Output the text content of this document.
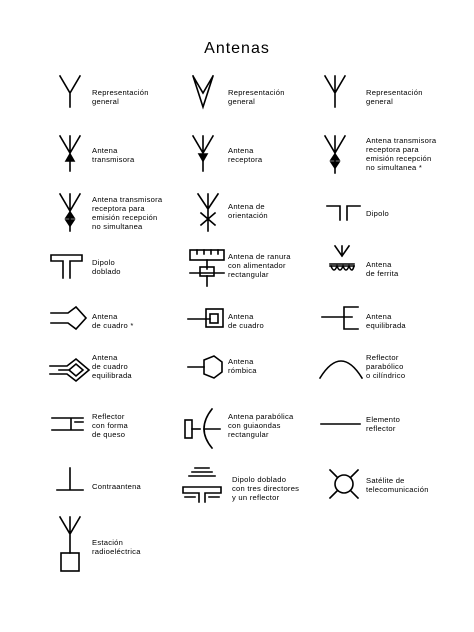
Antenas
Representación
general
Representación
general
Representación
general
Antena
transmisora
Antena
receptora
Antena transmisora
receptora para
emisión recepción
no simultanea *
Antena transmisora
receptora para
emisión recepción
no simultanea
Antena de
orientación	Dipolo
Dipolo
doblado
Antena de ranura
con alimentador
rectangular
Antena
de ferrita
Antena
de cuadro *
Antena
de cuadro
Antena
equilibrada
Antena
de cuadro
equilibrada
Antena
rómbica
Reflector
parabólico
o cilíndrico
Reflector
con forma
de queso
Antena parabólica
con guiaondas
rectangular
Elemento
reflector
Contraantena
Dipolo doblado
con tres directores
y un reflector
Satélite de
telecomunicación
Estación
radioeléctrica
